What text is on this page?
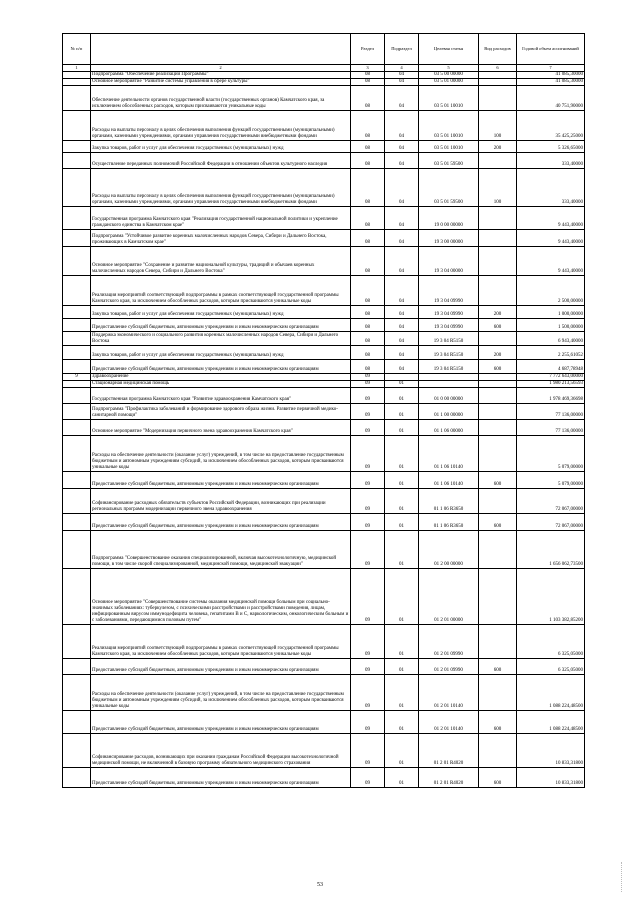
№ п/п		Раздел	Подраздел	Целевая статья	Вид расходов	Годовой объем ассигнований
1	2	3	4	5	6	7
	Подпрограмма "Обеспечение реализации Программы"	08	04	03 5 00 00000		41 085,30000
	Основное мероприятие "Развитие системы управления в сфере культуры"	08	04	03 5 01 00000		41 085,30000
	Обеспечение деятельности органов государственной власти (государственных органов) Камчатского края, за исключением обособленных расходов, которым присваиваются уникальные коды	08	04	03 5 01 10010		40 751,90000
	Расходы на выплаты персоналу в целях обеспечения выполнения функций государственными (муниципальными) органами, казенными учреждениями, органами управления государственными внебюджетными фондами	08	04	03 5 01 10010	100	35 425,25000
	Закупка товаров, работ и услуг для обеспечения государственных (муниципальных) нужд	08	04	03 5 01 10010	200	5 326,65000
	Осуществление переданных полномочий Российской Федерации в отношении объектов культурного наследия	08	04	03 5 01 59500		333,40000
	Расходы на выплаты персоналу в целях обеспечения выполнения функций государственными (муниципальными) органами, казенными учреждениями, органами управления государственными внебюджетными фондами	08	04	03 5 01 59500	100	333,40000
	Государственная программа Камчатского края "Реализация государственной национальной политики и укрепление гражданского единства в Камчатском крае"	08	04	19 0 00 00000		9 443,40000
	Подпрограмма "Устойчивое развитие коренных малочисленных народов Севера, Сибири и Дальнего Востока, проживающих в Камчатском крае"	08	04	19 3 00 00000		9 443,40000
	Основное мероприятие "Сохранение и развитие национальной культуры, традиций и обычаев коренных малочисленных народов Севера, Сибири и Дальнего Востока"	08	04	19 3 04 00000		9 443,40000
	Реализация мероприятий соответствующей подпрограммы в рамках соответствующей государственной программы Камчатского края, за исключением обособленных расходов, которым присваиваются уникальные коды	08	04	19 3 04 09990		2 500,00000
	Закупка товаров, работ и услуг для обеспечения государственных (муниципальных) нужд	08	04	19 3 04 09990	200	1 000,00000
	Предоставление субсидий бюджетным, автономным учреждениям и иным некоммерческим организациям	08	04	19 3 04 09990	600	1 500,00000
	Поддержка экономического и социального развития коренных малочисленных народов Севера, Сибири и Дальнего Востока	08	04	19 3 04 R5150		6 943,40000
	Закупка товаров, работ и услуг для обеспечения государственных (муниципальных) нужд	08	04	19 3 04 R5150	200	2 255,61052
	Предоставление субсидий бюджетным, автономным учреждениям и иным некоммерческим организациям	08	04	19 3 04 R5150	600	4 687,78948
9	Здравоохранение	09				7 772 643,00000
	Стационарная медицинская помощь	09	01			1 980 213,56593
	Государственная программа Камчатского края "Развитие здравоохранения Камчатского края"	09	01	01 0 00 00000		1 978 469,36698
	Подпрограмма "Профилактика заболеваний и формирование здорового образа жизни. Развитие первичной медико-санитарной помощи"	09	01	01 1 00 00000		77 136,00000
	Основное мероприятие "Модернизация первичного звена здравоохранения Камчатского края"	09	01	01 1 06 00000		77 136,00000
	Расходы на обеспечение деятельности (оказание услуг) учреждений, в том числе на предоставление государственным бюджетным и автономным учреждениям субсидий, за исключением обособленных расходов, которым присваиваются уникальные коды	09	01	01 1 06 10140		5 079,00000
	Предоставление субсидий бюджетным, автономным учреждениям и иным некоммерческим организациям	09	01	01 1 06 10140	600	5 079,00000
	Софинансирование расходных обязательств субъектов Российской Федерации, возникающих при реализации региональных программ модернизации первичного звена здравоохранения	09	01	01 1 06 R3650		72 067,00000
	Предоставление субсидий бюджетным, автономным учреждениям и иным некоммерческим организациям	09	01	01 1 06 R3650	600	72 067,00000
	Подпрограмма "Совершенствование оказания специализированной, включая высокотехнологичную, медицинской помощи, в том числе скорой специализированной, медицинской помощи, медицинской эвакуации"	09	01	01 2 00 00000		1 656 062,73500
	Основное мероприятие "Совершенствование системы оказания медицинской помощи больным при социально-значимых заболеваниях: туберкулезом, с психическими расстройствами и расстройствами поведения, лицам, инфицированным вирусом иммунодефицита человека, гепатитами В и С, наркологическим, онкологическим больным и с заболеваниями, передающимися половым путем"	09	01	01 2 01 00000		1 103 382,85200
	Реализация мероприятий соответствующей подпрограммы в рамках соответствующей государственной программы Камчатского края, за исключением обособленных расходов, которым присваиваются уникальные коды	09	01	01 2 01 09990		6 325,05000
	Предоставление субсидий бюджетным, автономным учреждениям и иным некоммерческим организациям	09	01	01 2 01 09990	600	6 325,05000
	Расходы на обеспечение деятельности (оказание услуг) учреждений, в том числе на предоставление государственным бюджетным и автономным учреждениям субсидий, за исключением обособленных расходов, которым присваиваются уникальные коды	09	01	01 2 01 10140		1 088 224,48500
	Предоставление субсидий бюджетным, автономным учреждениям и иным некоммерческим организациям	09	01	01 2 01 10140	600	1 088 224,48500
	Софинансирование расходов, возникающих при оказании гражданам Российской Федерации высокотехнологичной медицинской помощи, не включенной в базовую программу обязательного медицинского страхования	09	01	01 2 01 R4020		10 833,31800
	Предоставление субсидий бюджетным, автономным учреждениям и иным некоммерческим организациям	09	01	01 2 01 R4020	600	10 833,31800
53
